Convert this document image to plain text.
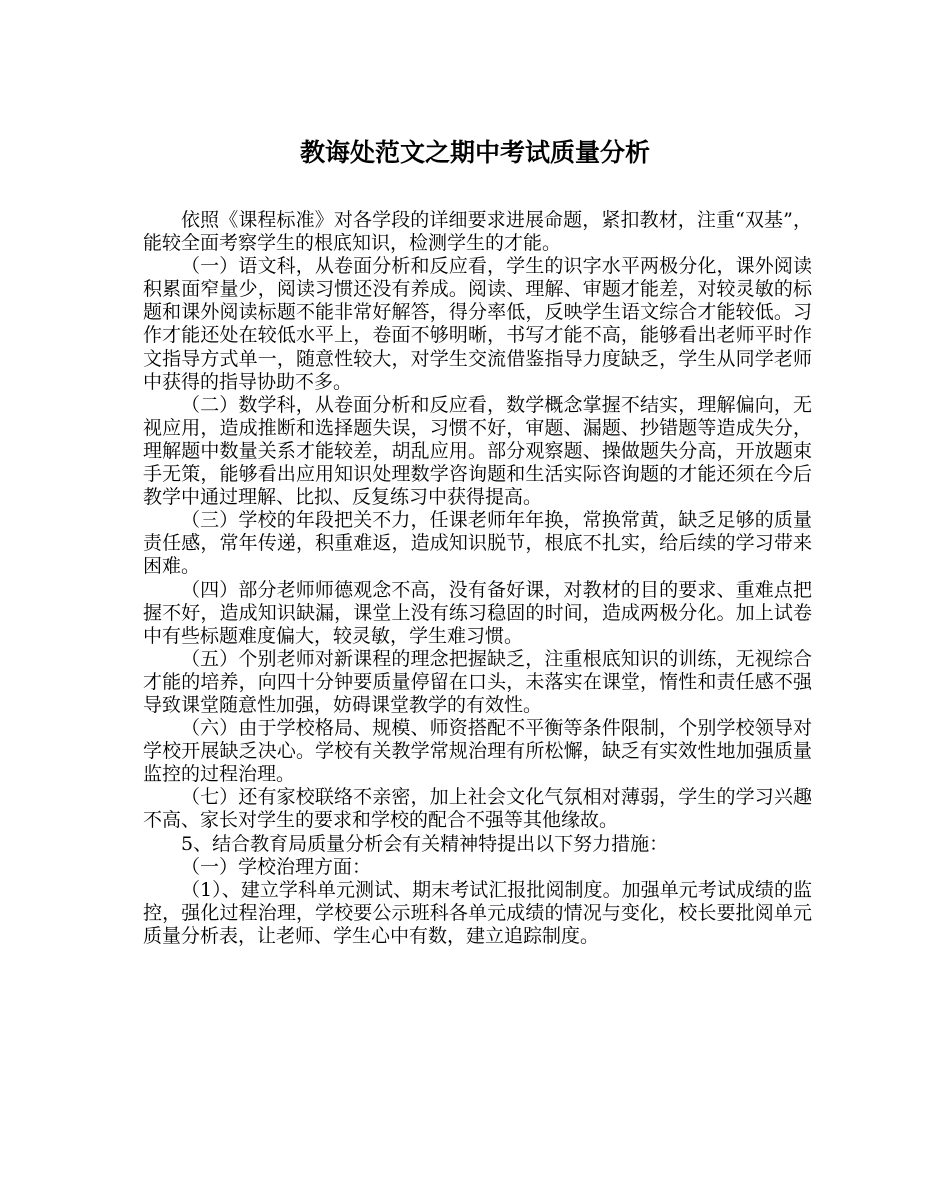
教诲处范文之期中考试质量分析

依照《课程标准》对各学段的详细要求进展命题，紧扣教材，注重“双基”，能较全面考察学生的根底知识，检测学生的才能。

（一）语文科，从卷面分析和反应看，学生的识字水平两极分化，课外阅读积累面窄量少，阅读习惯还没有养成。阅读、理解、审题才能差，对较灵敏的标题和课外阅读标题不能非常好解答，得分率低，反映学生语文综合才能较低。习作才能还处在较低水平上，卷面不够明晰，书写才能不高，能够看出老师平时作文指导方式单一，随意性较大，对学生交流借鉴指导力度缺乏，学生从同学老师中获得的指导协助不多。

（二）数学科，从卷面分析和反应看，数学概念掌握不结实，理解偏向，无视应用，造成推断和选择题失误，习惯不好，审题、漏题、抄错题等造成失分，理解题中数量关系才能较差，胡乱应用。部分观察题、操做题失分高，开放题束手无策，能够看出应用知识处理数学咨询题和生活实际咨询题的才能还须在今后教学中通过理解、比拟、反复练习中获得提高。

（三）学校的年段把关不力，任课老师年年换，常换常黄，缺乏足够的质量责任感，常年传递，积重难返，造成知识脱节，根底不扎实，给后续的学习带来困难。

（四）部分老师师德观念不高，没有备好课，对教材的目的要求、重难点把握不好，造成知识缺漏，课堂上没有练习稳固的时间，造成两极分化。加上试卷中有些标题难度偏大，较灵敏，学生难习惯。

（五）个别老师对新课程的理念把握缺乏，注重根底知识的训练，无视综合才能的培养，向四十分钟要质量停留在口头，未落实在课堂，惰性和责任感不强导致课堂随意性加强，妨碍课堂教学的有效性。

（六）由于学校格局、规模、师资搭配不平衡等条件限制，个别学校领导对学校开展缺乏决心。学校有关教学常规治理有所松懈，缺乏有实效性地加强质量监控的过程治理。

（七）还有家校联络不亲密，加上社会文化气氛相对薄弱，学生的学习兴趣不高、家长对学生的要求和学校的配合不强等其他缘故。

5、结合教育局质量分析会有关精神特提出以下努力措施：

（一）学校治理方面：

（1）、建立学科单元测试、期末考试汇报批阅制度。加强单元考试成绩的监控，强化过程治理，学校要公示班科各单元成绩的情况与变化，校长要批阅单元质量分析表，让老师、学生心中有数，建立追踪制度。
